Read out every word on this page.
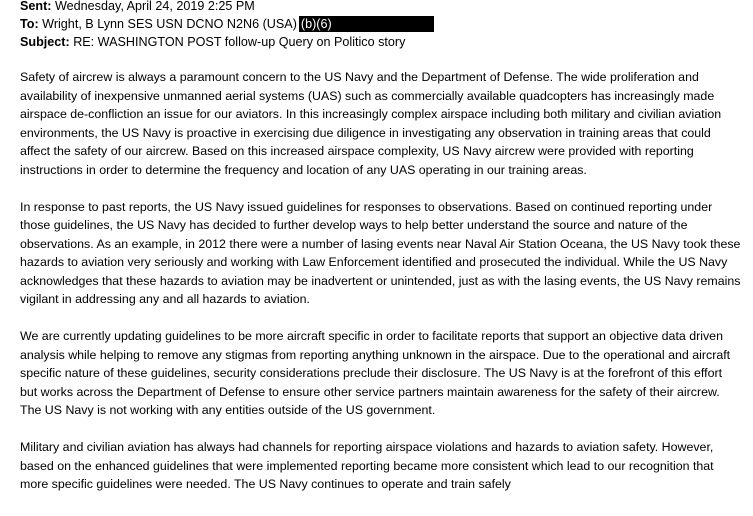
Sent: Wednesday, April 24, 2019 2:25 PM
To: Wright, B Lynn SES USN DCNO N2N6 (USA) (b)(6)
Subject: RE: WASHINGTON POST follow-up Query on Politico story

Safety of aircrew is always a paramount concern to the US Navy and the Department of Defense. The wide proliferation and availability of inexpensive unmanned aerial systems (UAS) such as commercially available quadcopters has increasingly made airspace de-confliction an issue for our aviators. In this increasingly complex airspace including both military and civilian aviation environments, the US Navy is proactive in exercising due diligence in investigating any observation in training areas that could affect the safety of our aircrew. Based on this increased airspace complexity, US Navy aircrew were provided with reporting instructions in order to determine the frequency and location of any UAS operating in our training areas.

In response to past reports, the US Navy issued guidelines for responses to observations. Based on continued reporting under those guidelines, the US Navy has decided to further develop ways to help better understand the source and nature of the observations. As an example, in 2012 there were a number of lasing events near Naval Air Station Oceana, the US Navy took these hazards to aviation very seriously and working with Law Enforcement identified and prosecuted the individual. While the US Navy acknowledges that these hazards to aviation may be inadvertent or unintended, just as with the lasing events, the US Navy remains vigilant in addressing any and all hazards to aviation.

We are currently updating guidelines to be more aircraft specific in order to facilitate reports that support an objective data driven analysis while helping to remove any stigmas from reporting anything unknown in the airspace. Due to the operational and aircraft specific nature of these guidelines, security considerations preclude their disclosure. The US Navy is at the forefront of this effort but works across the Department of Defense to ensure other service partners maintain awareness for the safety of their aircrew. The US Navy is not working with any entities outside of the US government.

Military and civilian aviation has always had channels for reporting airspace violations and hazards to aviation safety. However, based on the enhanced guidelines that were implemented reporting became more consistent which lead to our recognition that more specific guidelines were needed. The US Navy continues to operate and train safely
